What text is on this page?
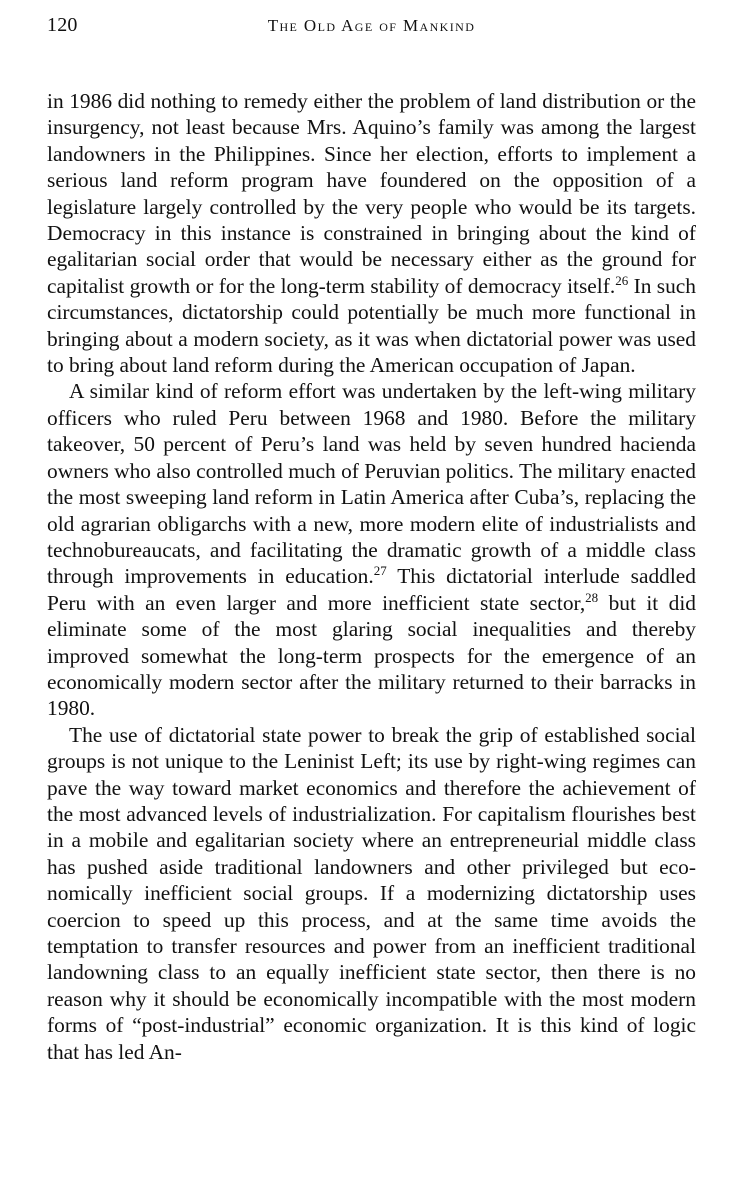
120	The Old Age of Mankind

in 1986 did nothing to remedy either the problem of land distribution or the insurgency, not least because Mrs. Aquino’s family was among the largest landowners in the Philippines. Since her election, efforts to implement a serious land reform program have foundered on the opposition of a legislature largely controlled by the very people who would be its targets. Democracy in this instance is constrained in bringing about the kind of egalitarian social order that would be necessary either as the ground for capitalist growth or for the long-term stability of democracy itself.$^{26}$ In such circumstances, dictatorship could potentially be much more functional in bringing about a modern society, as it was when dictatorial power was used to bring about land reform during the American occupation of Japan.

A similar kind of reform effort was undertaken by the left-wing military officers who ruled Peru between 1968 and 1980. Before the military takeover, 50 percent of Peru’s land was held by seven hundred hacienda owners who also controlled much of Peruvian politics. The military enacted the most sweeping land reform in Latin America after Cuba’s, replacing the old agrarian obligarchs with a new, more modern elite of industrialists and technobureaucats, and facilitating the dramatic growth of a middle class through improvements in education.$^{27}$ This dictatorial interlude saddled Peru with an even larger and more inefficient state sector,$^{28}$ but it did eliminate some of the most glaring social inequalities and thereby improved somewhat the long-term prospects for the emergence of an economically modern sector after the military returned to their barracks in 1980.

The use of dictatorial state power to break the grip of established social groups is not unique to the Leninist Left; its use by right-wing regimes can pave the way toward market economics and therefore the achievement of the most advanced levels of industrialization. For capitalism flourishes best in a mobile and egalitarian society where an entrepreneurial middle class has pushed aside traditional landowners and other privileged but economically inefficient social groups. If a modernizing dictatorship uses coercion to speed up this process, and at the same time avoids the temptation to transfer resources and power from an inefficient traditional landowning class to an equally inefficient state sector, then there is no reason why it should be economically incompatible with the most modern forms of “post-industrial” economic organization. It is this kind of logic that has led An-
